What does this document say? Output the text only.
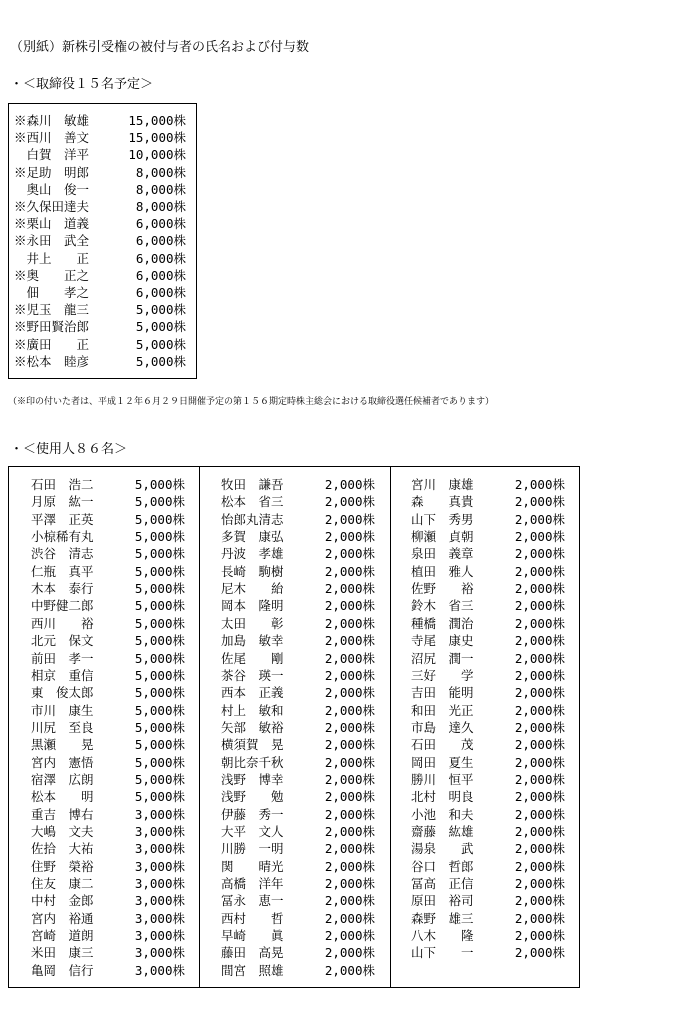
（別紙）新株引受権の被付与者の氏名および付与数
・＜取締役１５名予定＞
※森川　敏雄	15,000株
※西川　善文	15,000株
　白賀　洋平	10,000株
※足助　明郎	8,000株
　奥山　俊一	8,000株
※久保田達夫	8,000株
※栗山　道義	6,000株
※永田　武全	6,000株
　井上　　正	6,000株
※奥　　正之	6,000株
　佃　　孝之	6,000株
※児玉　龍三	5,000株
※野田賢治郎	5,000株
※廣田　　正	5,000株
※松本　睦彦	5,000株
（※印の付いた者は、平成１２年６月２９日開催予定の第１５６期定時株主総会における取締役選任候補者であります）
・＜使用人８６名＞
石田　浩二	5,000株
月原　紘一	5,000株
平澤　正英	5,000株
小椋稀有丸	5,000株
渋谷　清志	5,000株
仁瓶　真平	5,000株
木本　泰行	5,000株
中野健二郎	5,000株
西川　　裕	5,000株
北元　保文	5,000株
前田　孝一	5,000株
相京　重信	5,000株
東　俊太郎	5,000株
市川　康生	5,000株
川尻　至良	5,000株
黒瀬　　晃	5,000株
宮内　憲悟	5,000株
宿澤　広朗	5,000株
松本　　明	5,000株
重吉　博右	3,000株
大嶋　文夫	3,000株
佐拾　大祐	3,000株
住野　榮裕	3,000株
住友　康二	3,000株
中村　金郎	3,000株
宮内　裕通	3,000株
宮崎　道朗	3,000株
米田　康三	3,000株
亀岡　信行	3,000株
牧田　謙吾	2,000株
松本　省三	2,000株
怡郎丸清志	2,000株
多賀　康弘	2,000株
丹波　孝雄	2,000株
長崎　駒樹	2,000株
尼木　　紿	2,000株
岡本　隆明	2,000株
太田　　彰	2,000株
加島　敏幸	2,000株
佐尾　　剛	2,000株
茶谷　瑛一	2,000株
西本　正義	2,000株
村上　敏和	2,000株
矢部　敏裕	2,000株
横須賀　晃	2,000株
朝比奈千秋	2,000株
浅野　博幸	2,000株
浅野　　勉	2,000株
伊藤　秀一	2,000株
大平　文人	2,000株
川勝　一明	2,000株
関　　晴光	2,000株
高橋　洋年	2,000株
冨永　恵一	2,000株
西村　　哲	2,000株
早崎　　眞	2,000株
藤田　高晃	2,000株
間宮　照雄	2,000株
宮川　康雄	2,000株
森　　真貴	2,000株
山下　秀男	2,000株
柳瀬　貞朝	2,000株
泉田　義章	2,000株
植田　雅人	2,000株
佐野　　裕	2,000株
鈴木　省三	2,000株
種橋　潤治	2,000株
寺尾　康史	2,000株
沼尻　潤一	2,000株
三好　　学	2,000株
吉田　能明	2,000株
和田　光正	2,000株
市島　達久	2,000株
石田　　茂	2,000株
岡田　夏生	2,000株
勝川　恒平	2,000株
北村　明良	2,000株
小池　和夫	2,000株
齋藤　紘雄	2,000株
湯泉　　武	2,000株
谷口　哲郎	2,000株
冨高　正信	2,000株
原田　裕司	2,000株
森野　雄三	2,000株
八木　　隆	2,000株
山下　　一	2,000株
